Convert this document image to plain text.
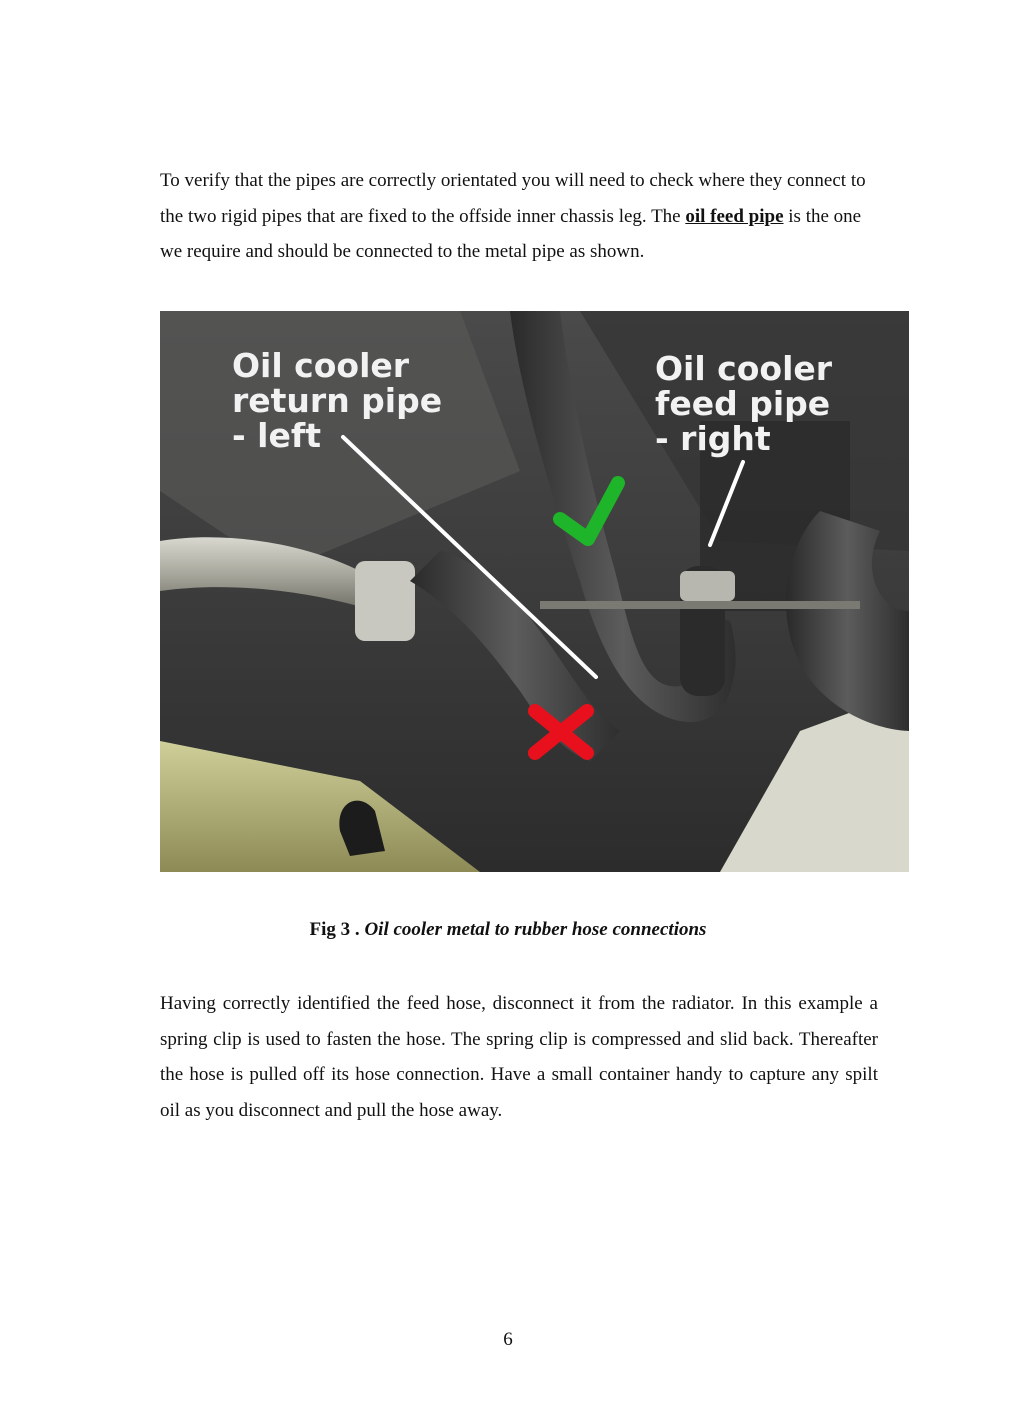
To verify that the pipes are correctly orientated you will need to check where they connect to the two rigid pipes that are fixed to the offside inner chassis leg. The oil feed pipe is the one we require and should be connected to the metal pipe as shown.

Oil cooler
return pipe
- left
Oil cooler
feed pipe
- right

Fig 3 . Oil cooler metal to rubber hose connections

Having correctly identified the feed hose, disconnect it from the radiator. In this example a spring clip is used to fasten the hose. The spring clip is compressed and slid back. Thereafter the hose is pulled off its hose connection. Have a small container handy to capture any spilt oil as you disconnect and pull the hose away.

6
